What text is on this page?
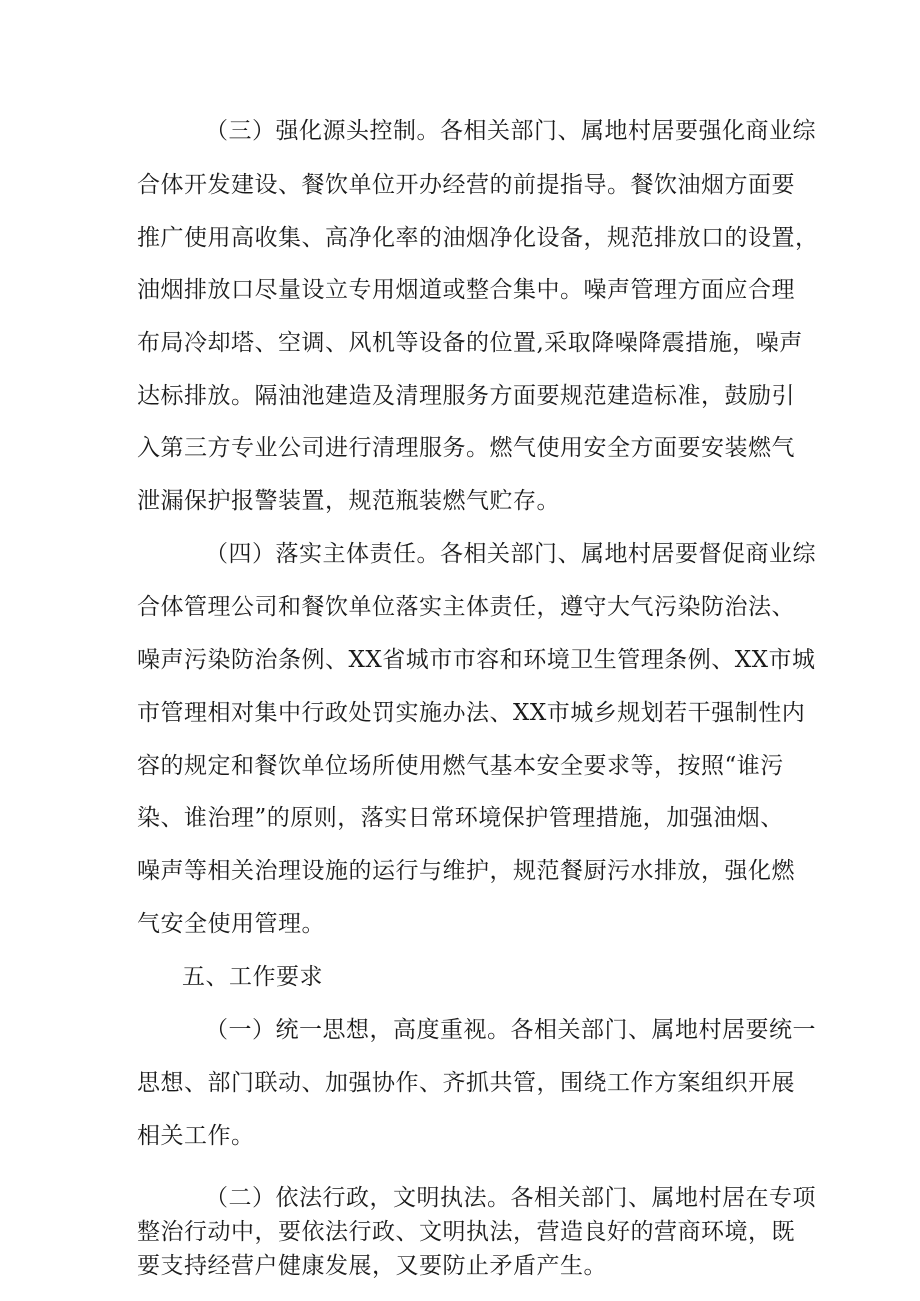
（三）强化源头控制。各相关部门、属地村居要强化商业综
合体开发建设、餐饮单位开办经营的前提指导。餐饮油烟方面要
推广使用高收集、高净化率的油烟净化设备，规范排放口的设置，
油烟排放口尽量设立专用烟道或整合集中。噪声管理方面应合理
布局冷却塔、空调、风机等设备的位置,采取降噪降震措施，噪声
达标排放。隔油池建造及清理服务方面要规范建造标准，鼓励引
入第三方专业公司进行清理服务。燃气使用安全方面要安装燃气
泄漏保护报警装置，规范瓶装燃气贮存。
（四）落实主体责任。各相关部门、属地村居要督促商业综
合体管理公司和餐饮单位落实主体责任，遵守大气污染防治法、
噪声污染防治条例、XX省城市市容和环境卫生管理条例、XX市城
市管理相对集中行政处罚实施办法、XX市城乡规划若干强制性内
容的规定和餐饮单位场所使用燃气基本安全要求等，按照“谁污
染、谁治理”的原则，落实日常环境保护管理措施，加强油烟、
噪声等相关治理设施的运行与维护，规范餐厨污水排放，强化燃
气安全使用管理。
五、工作要求
（一）统一思想，高度重视。各相关部门、属地村居要统一
思想、部门联动、加强协作、齐抓共管，围绕工作方案组织开展
相关工作。
（二）依法行政，文明执法。各相关部门、属地村居在专项
整治行动中，要依法行政、文明执法，营造良好的营商环境，既
要支持经营户健康发展，又要防止矛盾产生。
